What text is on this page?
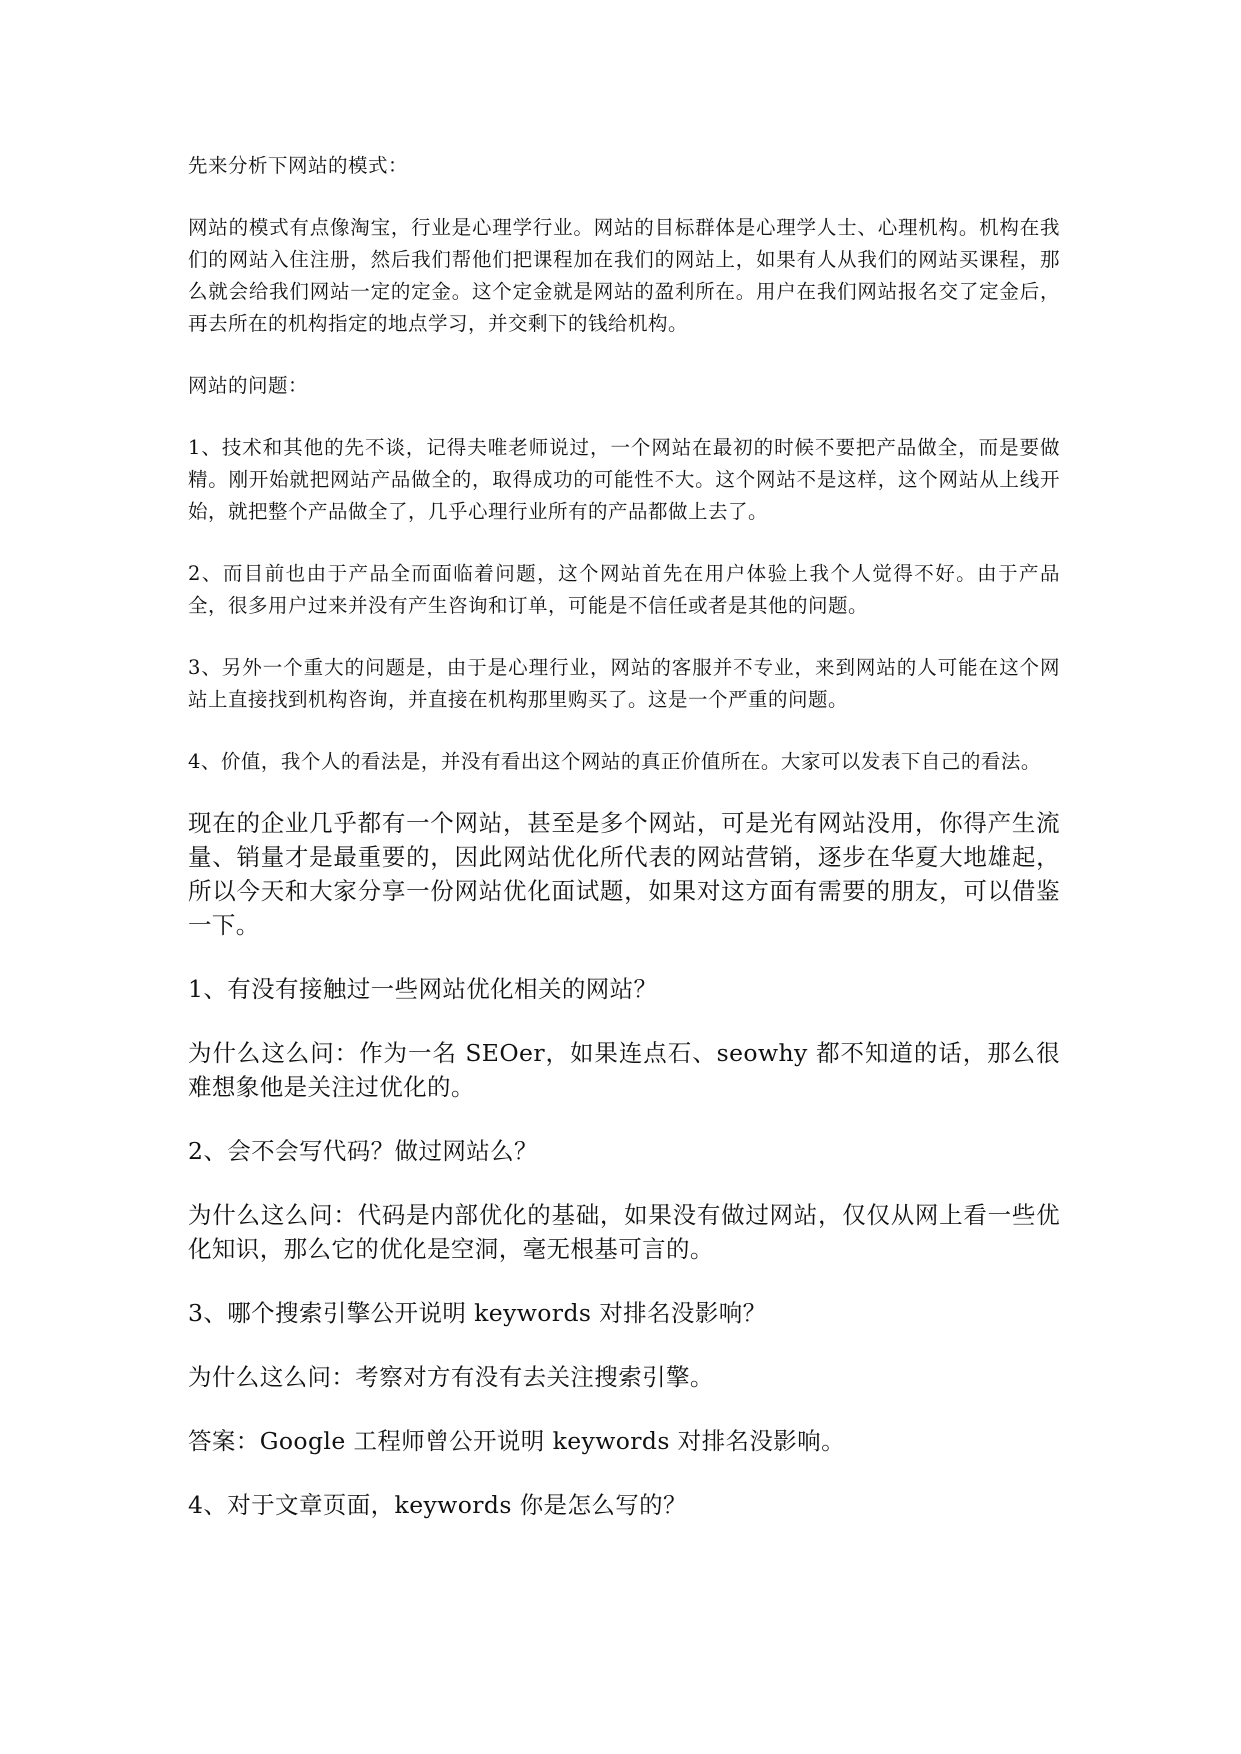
先来分析下网站的模式：

网站的模式有点像淘宝，行业是心理学行业。网站的目标群体是心理学人士、心理机构。机构在我们的网站入住注册，然后我们帮他们把课程加在我们的网站上，如果有人从我们的网站买课程，那么就会给我们网站一定的定金。这个定金就是网站的盈利所在。用户在我们网站报名交了定金后，再去所在的机构指定的地点学习，并交剩下的钱给机构。

网站的问题：

1、技术和其他的先不谈，记得夫唯老师说过，一个网站在最初的时候不要把产品做全，而是要做精。刚开始就把网站产品做全的，取得成功的可能性不大。这个网站不是这样，这个网站从上线开始，就把整个产品做全了，几乎心理行业所有的产品都做上去了。

2、而目前也由于产品全而面临着问题，这个网站首先在用户体验上我个人觉得不好。由于产品全，很多用户过来并没有产生咨询和订单，可能是不信任或者是其他的问题。

3、另外一个重大的问题是，由于是心理行业，网站的客服并不专业，来到网站的人可能在这个网站上直接找到机构咨询，并直接在机构那里购买了。这是一个严重的问题。

4、价值，我个人的看法是，并没有看出这个网站的真正价值所在。大家可以发表下自己的看法。

现在的企业几乎都有一个网站，甚至是多个网站，可是光有网站没用，你得产生流量、销量才是最重要的，因此网站优化所代表的网站营销，逐步在华夏大地雄起，所以今天和大家分享一份网站优化面试题，如果对这方面有需要的朋友，可以借鉴一下。

1、有没有接触过一些网站优化相关的网站？

为什么这么问：作为一名 SEOer，如果连点石、seowhy 都不知道的话，那么很难想象他是关注过优化的。

2、会不会写代码？做过网站么？

为什么这么问：代码是内部优化的基础，如果没有做过网站，仅仅从网上看一些优化知识，那么它的优化是空洞，毫无根基可言的。

3、哪个搜索引擎公开说明 keywords 对排名没影响？

为什么这么问：考察对方有没有去关注搜索引擎。

答案：Google 工程师曾公开说明 keywords 对排名没影响。

4、对于文章页面，keywords 你是怎么写的？
